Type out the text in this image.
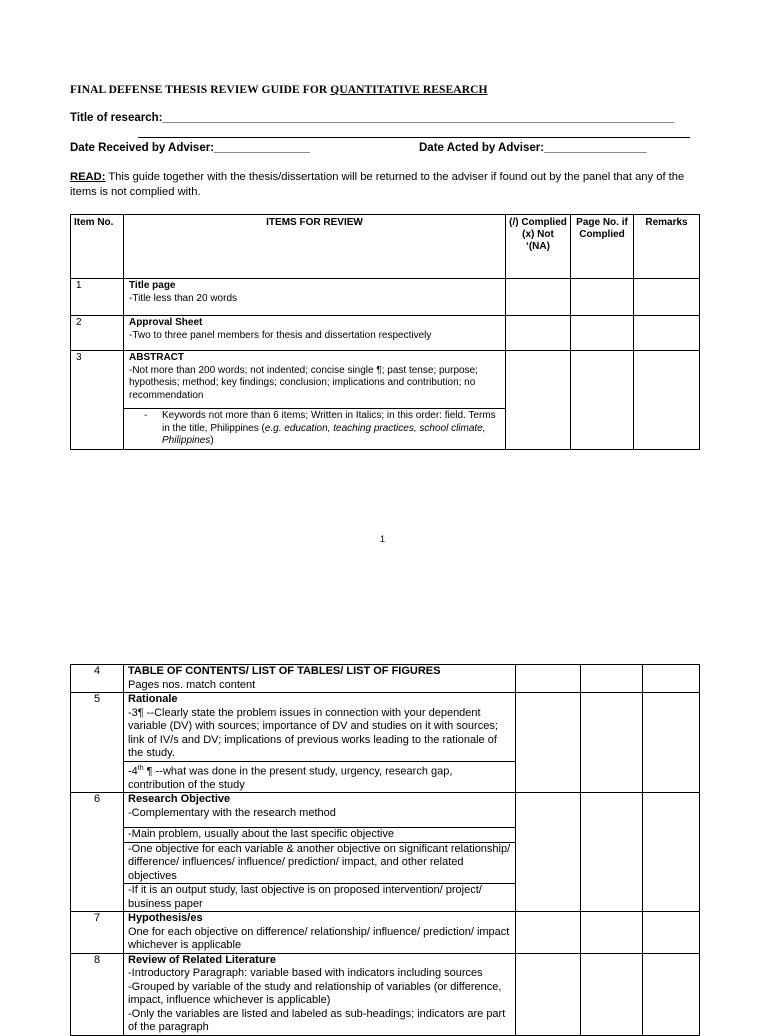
FINAL DEFENSE THESIS REVIEW GUIDE FOR QUANTITATIVE RESEARCH
Title of research:________________________________________________________________________________
Date Received by Adviser:_______________	Date Acted by Adviser:________________
READ: This guide together with the thesis/dissertation will be returned to the adviser if found out by the panel that any of the items is not complied with.
Item No.	ITEMS FOR REVIEW	(/) Complied (x) Not ‘(NA)	Page No. if Complied	Remarks
1	Title page
-Title less than 20 words			
2	Approval Sheet
-Two to three panel members for thesis and dissertation respectively			
3	ABSTRACT
-Not more than 200 words; not indented; concise single ¶; past tense; purpose; hypothesis; method; key findings; conclusion; implications and contribution; no recommendation			

	- Keywords not more than 6 items; Written in Italics; in this order: field. Terms in the title, Philippines (e.g. education, teaching practices, school climate, Philippines)			
1
4	TABLE OF CONTENTS/ LIST OF TABLES/ LIST OF FIGURES
Pages nos. match content			
5	Rationale
-3¶ --Clearly state the problem issues in connection with your dependent variable (DV) with sources; importance of DV and studies on it with sources; link of IV/s and DV; implications of previous works leading to the rationale of the study.			
	-4th ¶ --what was done in the present study, urgency, research gap, contribution of the study			
6	Research Objective
-Complementary with the research method			
	-Main problem, usually about the last specific objective			
	-One objective for each variable & another objective on significant relationship/ difference/ influences/ influence/ prediction/ impact, and other related objectives			
	-If it is an output study, last objective is on proposed intervention/ project/ business paper			
7	Hypothesis/es
One for each objective on difference/ relationship/ influence/ prediction/ impact whichever is applicable			
8	Review of Related Literature
-Introductory Paragraph: variable based with indicators including sources
-Grouped by variable of the study and relationship of variables (or difference, impact, influence whichever is applicable)
-Only the variables are listed and labeled as sub-headings; indicators are part of the paragraph			
